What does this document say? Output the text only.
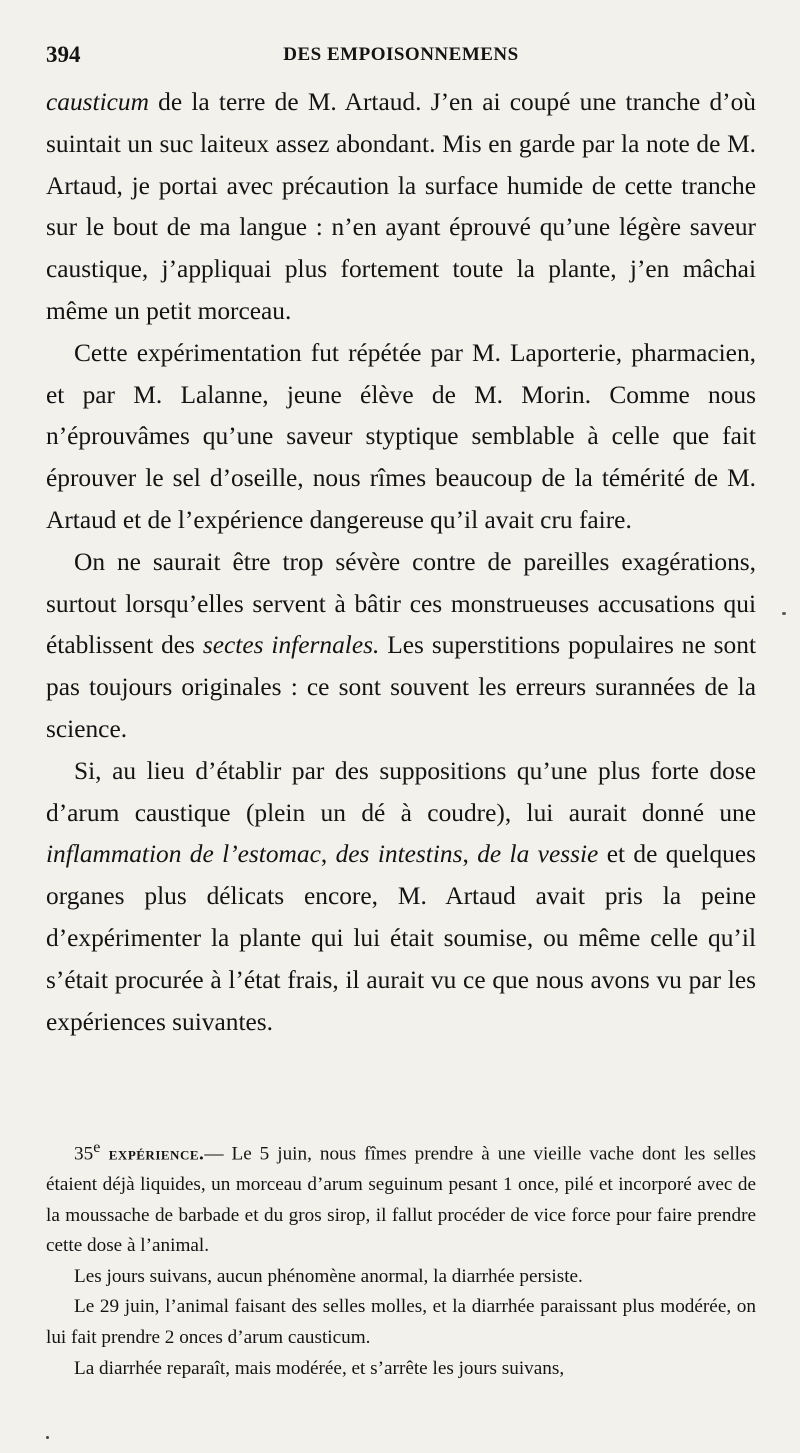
394	DES EMPOISONNEMENS

causticum de la terre de M. Artaud. J’en ai coupé une tranche d’où suintait un suc laiteux assez abondant. Mis en garde par la note de M. Artaud, je portai avec précaution la surface humide de cette tranche sur le bout de ma langue : n’en ayant éprouvé qu’une légère saveur caustique, j’appliquai plus fortement toute la plante, j’en mâchai même un petit morceau.

Cette expérimentation fut répétée par M. Laporterie, pharmacien, et par M. Lalanne, jeune élève de M. Morin. Comme nous n’éprouvâmes qu’une saveur styptique semblable à celle que fait éprouver le sel d’oseille, nous rîmes beaucoup de la témérité de M. Artaud et de l’expérience dangereuse qu’il avait cru faire.

On ne saurait être trop sévère contre de pareilles exagérations, surtout lorsqu’elles servent à bâtir ces monstrueuses accusations qui établissent des sectes infernales. Les superstitions populaires ne sont pas toujours originales : ce sont souvent les erreurs surannées de la science.

Si, au lieu d’établir par des suppositions qu’une plus forte dose d’arum caustique (plein un dé à coudre), lui aurait donné une inflammation de l’estomac, des intestins, de la vessie et de quelques organes plus délicats encore, M. Artaud avait pris la peine d’expérimenter la plante qui lui était soumise, ou même celle qu’il s’était procurée à l’état frais, il aurait vu ce que nous avons vu par les expériences suivantes.

35e expérience.— Le 5 juin, nous fîmes prendre à une vieille vache dont les selles étaient déjà liquides, un morceau d’arum seguinum pesant 1 once, pilé et incorporé avec de la moussache de barbade et du gros sirop, il fallut procéder de vice force pour faire prendre cette dose à l’animal.

Les jours suivans, aucun phénomène anormal, la diarrhée persiste.

Le 29 juin, l’animal faisant des selles molles, et la diarrhée paraissant plus modérée, on lui fait prendre 2 onces d’arum causticum.

La diarrhée reparaît, mais modérée, et s’arrête les jours suivans,
